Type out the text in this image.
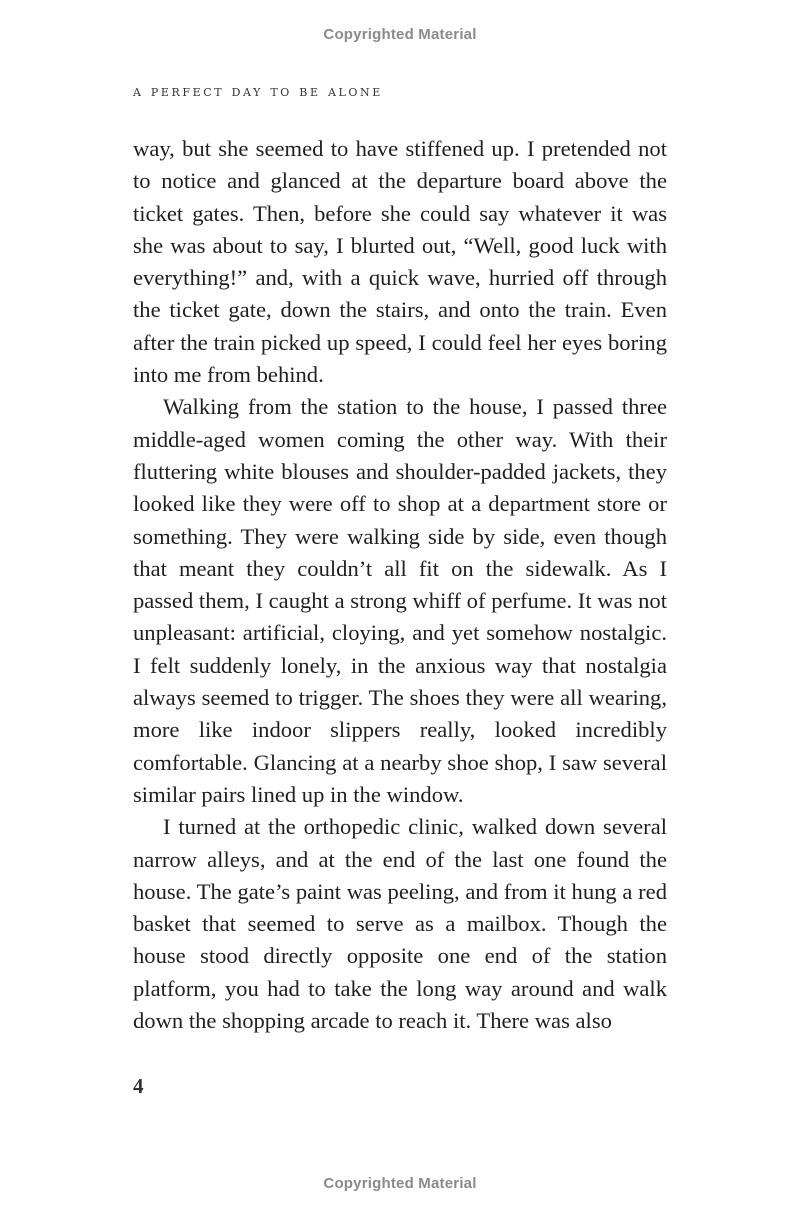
Copyrighted Material
a perfect day to be alone

way, but she seemed to have stiffened up. I pretended not to notice and glanced at the departure board above the ticket gates. Then, before she could say whatever it was she was about to say, I blurted out, “Well, good luck with everything!” and, with a quick wave, hurried off through the ticket gate, down the stairs, and onto the train. Even after the train picked up speed, I could feel her eyes boring into me from behind.

Walking from the station to the house, I passed three middle-aged women coming the other way. With their fluttering white blouses and shoulder-padded jackets, they looked like they were off to shop at a department store or something. They were walking side by side, even though that meant they couldn’t all fit on the sidewalk. As I passed them, I caught a strong whiff of perfume. It was not unpleasant: artificial, cloying, and yet somehow nostalgic. I felt suddenly lonely, in the anxious way that nostalgia always seemed to trigger. The shoes they were all wearing, more like indoor slippers really, looked incredibly comfortable. Glancing at a nearby shoe shop, I saw several similar pairs lined up in the window.

I turned at the orthopedic clinic, walked down several narrow alleys, and at the end of the last one found the house. The gate’s paint was peeling, and from it hung a red basket that seemed to serve as a mailbox. Though the house stood directly opposite one end of the station platform, you had to take the long way around and walk down the shopping arcade to reach it. There was also

4
Copyrighted Material
